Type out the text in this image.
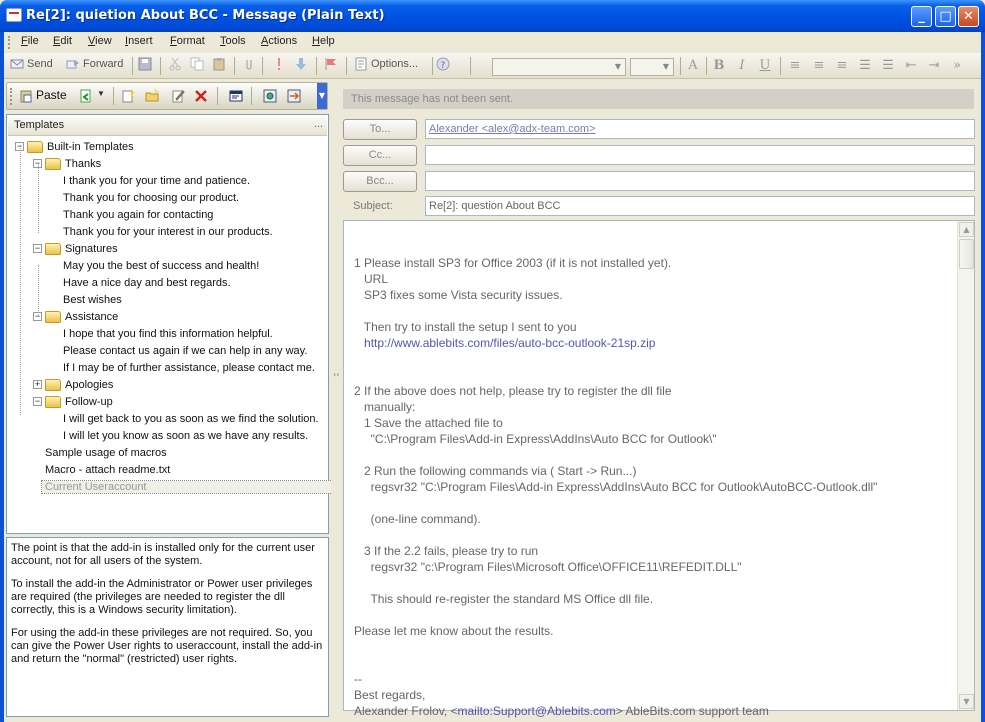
Re[2]: quietion About BCC - Message (Plain Text)	_	□ ✕
File Edit View Insert Format Tools Actions Help
Send	Forward	Options...	?	▼	▼	A	B	I	U ≡ ≡ ≡ ☰ ☰ ⇤ ⇥	»
Paste	▼	▼
Templates	...
− Built-in Templates
− Thanks
I thank you for your time and patience.
Thank you for choosing our product.
Thank you again for contacting
Thank you for your interest in our products.
− Signatures
May you the best of success and health!
Have a nice day and best regards.
Best wishes
− Assistance
I hope that you find this information helpful.
Please contact us again if we can help in any way.
If I may be of further assistance, please contact me.
+ Apologies
− Follow-up
I will get back to you as soon as we find the solution.
I will let you know as soon as we have any results.
Sample usage of macros
Macro - attach readme.txt
Current Useraccount

The point is that the add-in is installed only for the current user account, not for all users of the system.

To install the add-in the Administrator or Power user privileges are required (the privileges are needed to register the dll correctly, this is a Windows security limitation).

For using the add-in these privileges are not required. So, you can give the Power User rights to useraccount, install the add-in and return the "normal" (restricted) user rights.

‹‹
This message has not been sent.
To...	Alexander <alex@adx-team.com>
Cc...
Bcc...
Subject:	Re[2]: question About BCC
1 Please install SP3 for Office 2003 (if it is not installed yet).
URL
SP3 fixes some Vista security issues.

Then try to install the setup I sent to you
http://www.ablebits.com/files/auto-bcc-outlook-21sp.zip

2 If the above does not help, please try to register the dll file
manually:
1 Save the attached file to
"C:\Program Files\Add-in Express\AddIns\Auto BCC for Outlook\"

2 Run the following commands via ( Start -> Run...)
regsvr32 "C:\Program Files\Add-in Express\AddIns\Auto BCC for Outlook\AutoBCC-Outlook.dll"

(one-line command).

3 If the 2.2 fails, please try to run
regsvr32 "c:\Program Files\Microsoft Office\OFFICE11\REFEDIT.DLL"

This should re-register the standard MS Office dll file.

Please let me know about the results.

--
Best regards,
Alexander Frolov, <mailto:Support@Ablebits.com> AbleBits.com support team
▲
▼
